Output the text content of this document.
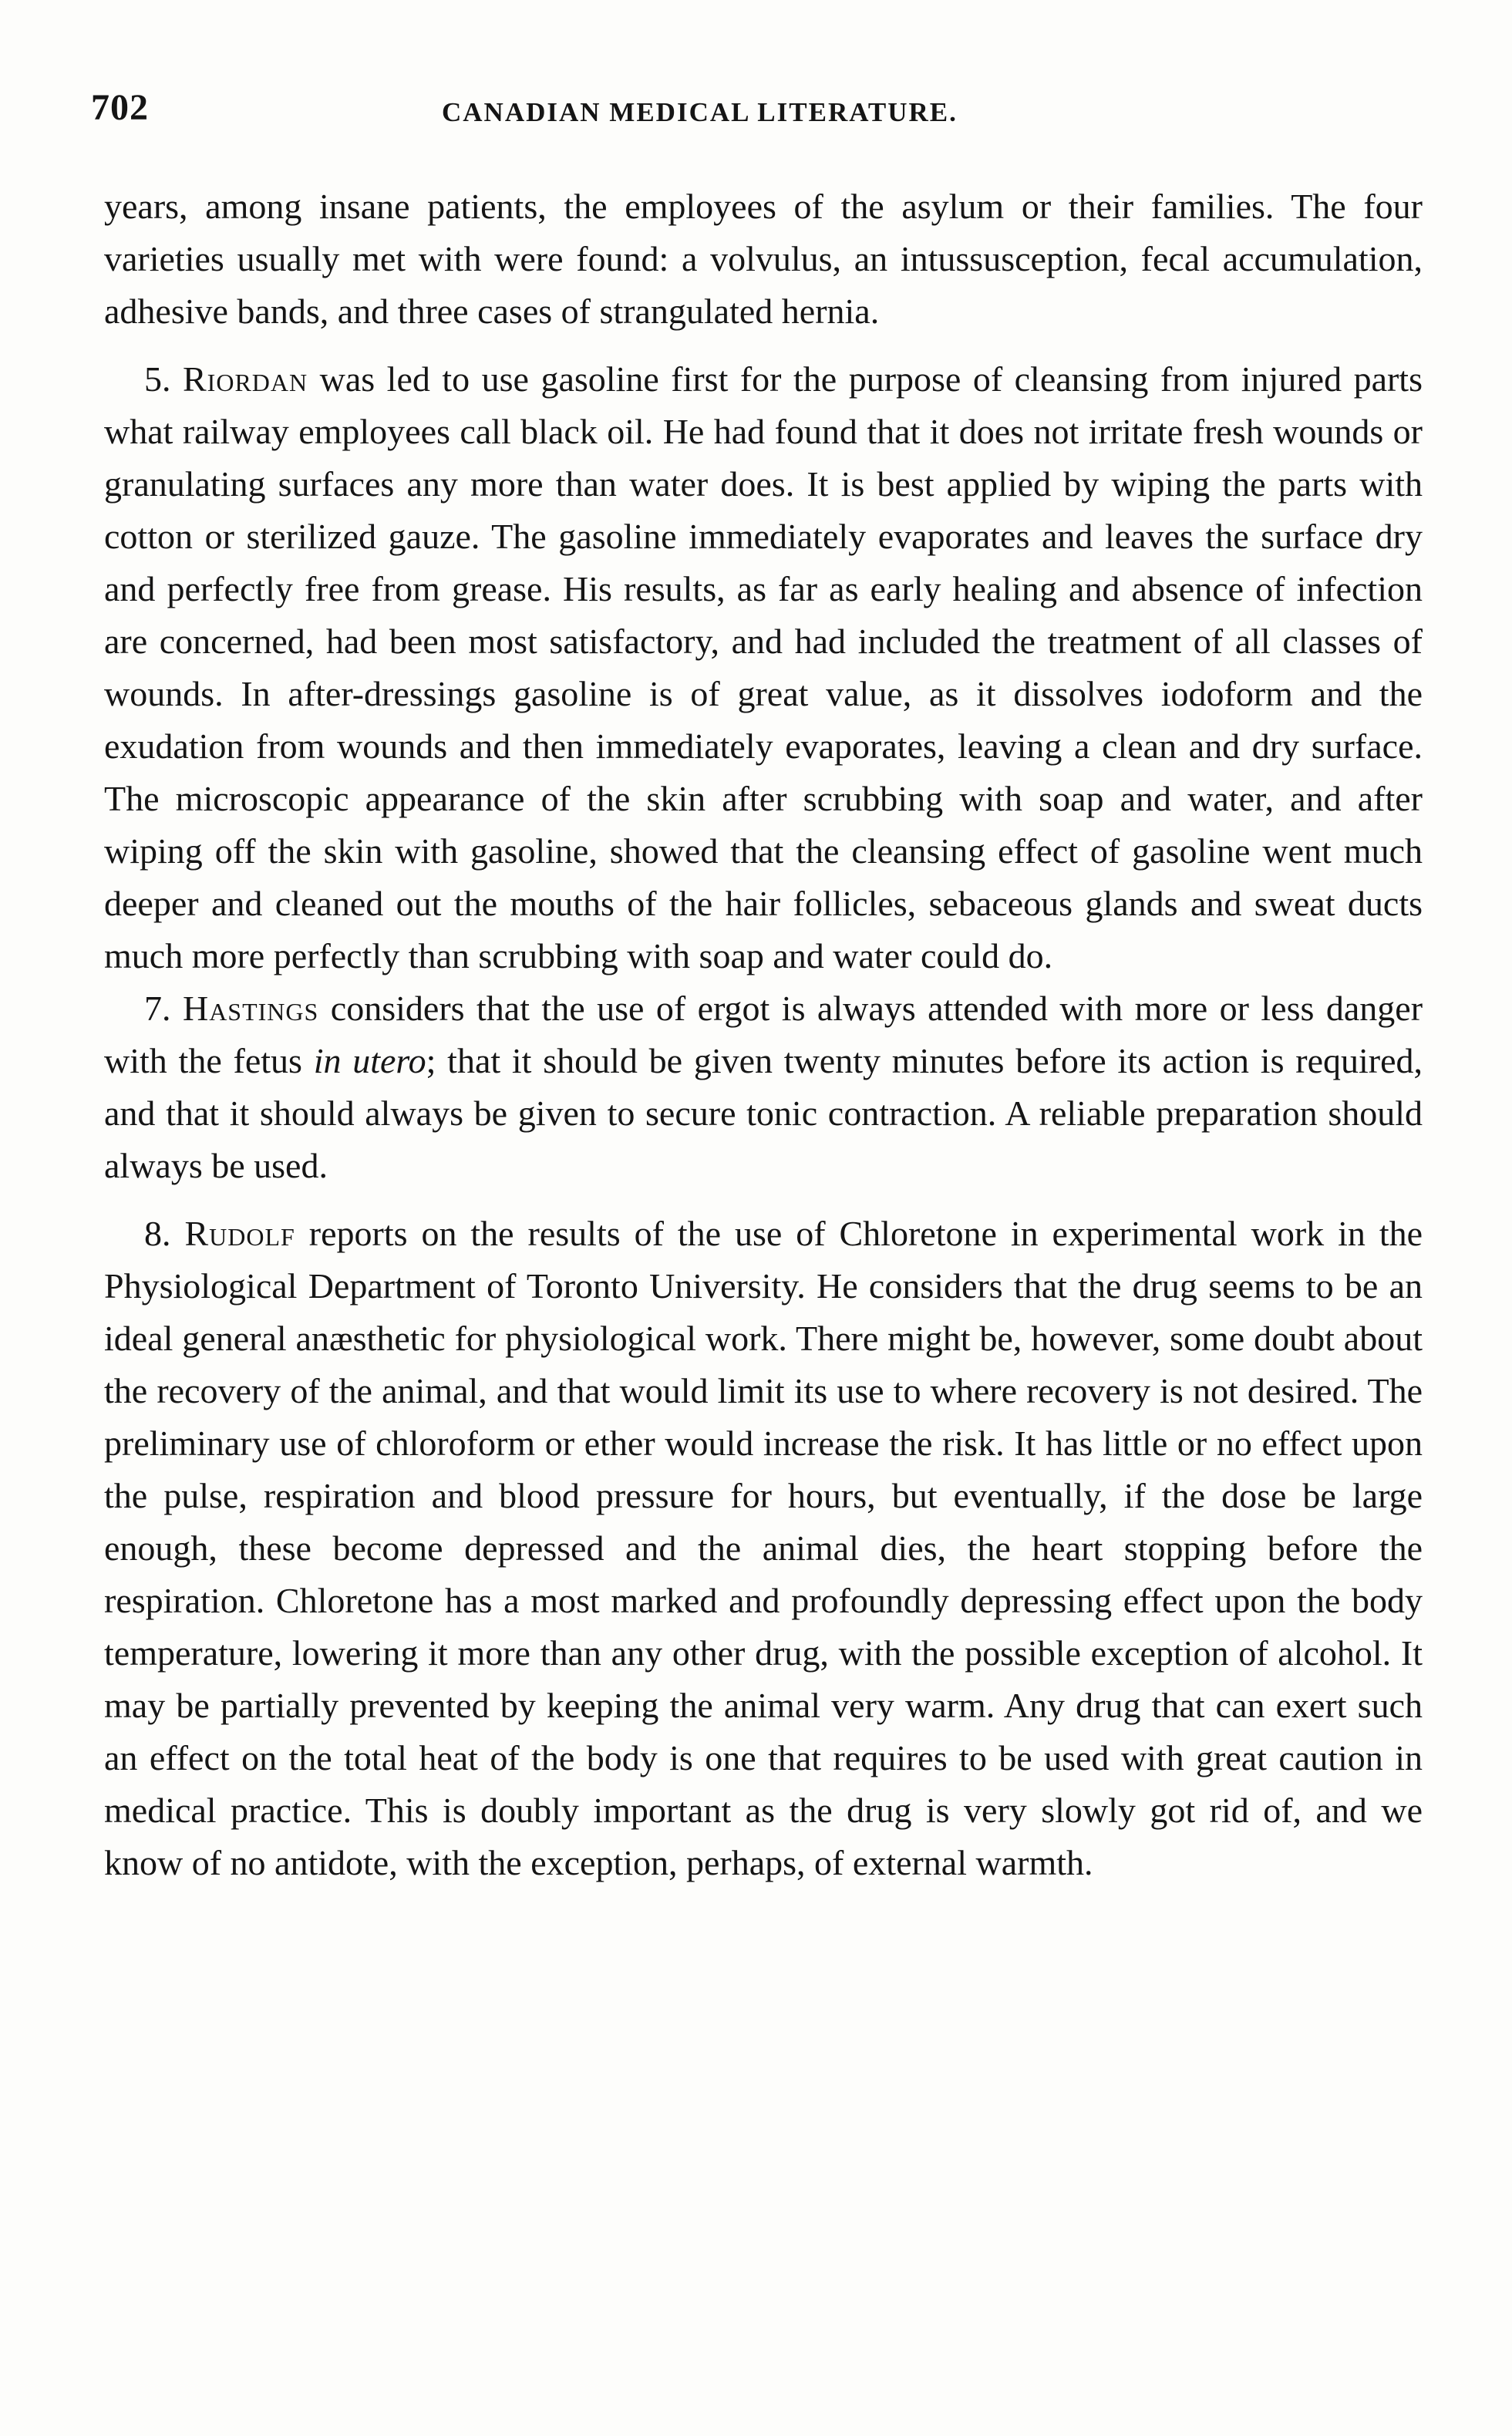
702	CANADIAN MEDICAL LITERATURE.

years, among insane patients, the employees of the asylum or their families. The four varieties usually met with were found: a volvulus, an intussusception, fecal accumulation, adhesive bands, and three cases of strangulated hernia.

5. Riordan was led to use gasoline first for the purpose of cleansing from injured parts what railway employees call black oil. He had found that it does not irritate fresh wounds or granulating surfaces any more than water does. It is best applied by wiping the parts with cotton or sterilized gauze. The gasoline immediately evaporates and leaves the surface dry and perfectly free from grease. His results, as far as early healing and absence of infection are concerned, had been most satisfactory, and had included the treatment of all classes of wounds. In after-dressings gasoline is of great value, as it dissolves iodoform and the exudation from wounds and then immediately evaporates, leaving a clean and dry surface. The microscopic appearance of the skin after scrubbing with soap and water, and after wiping off the skin with gasoline, showed that the cleansing effect of gasoline went much deeper and cleaned out the mouths of the hair follicles, sebaceous glands and sweat ducts much more perfectly than scrubbing with soap and water could do.

7. Hastings considers that the use of ergot is always attended with more or less danger with the fetus in utero; that it should be given twenty minutes before its action is required, and that it should always be given to secure tonic contraction. A reliable preparation should always be used.

8. Rudolf reports on the results of the use of Chloretone in experimental work in the Physiological Department of Toronto University. He considers that the drug seems to be an ideal general anæsthetic for physiological work. There might be, however, some doubt about the recovery of the animal, and that would limit its use to where recovery is not desired. The preliminary use of chloroform or ether would increase the risk. It has little or no effect upon the pulse, respiration and blood pressure for hours, but eventually, if the dose be large enough, these become depressed and the animal dies, the heart stopping before the respiration. Chloretone has a most marked and profoundly depressing effect upon the body temperature, lowering it more than any other drug, with the possible exception of alcohol. It may be partially prevented by keeping the animal very warm. Any drug that can exert such an effect on the total heat of the body is one that requires to be used with great caution in medical practice. This is doubly important as the drug is very slowly got rid of, and we know of no antidote, with the exception, perhaps, of external warmth.
